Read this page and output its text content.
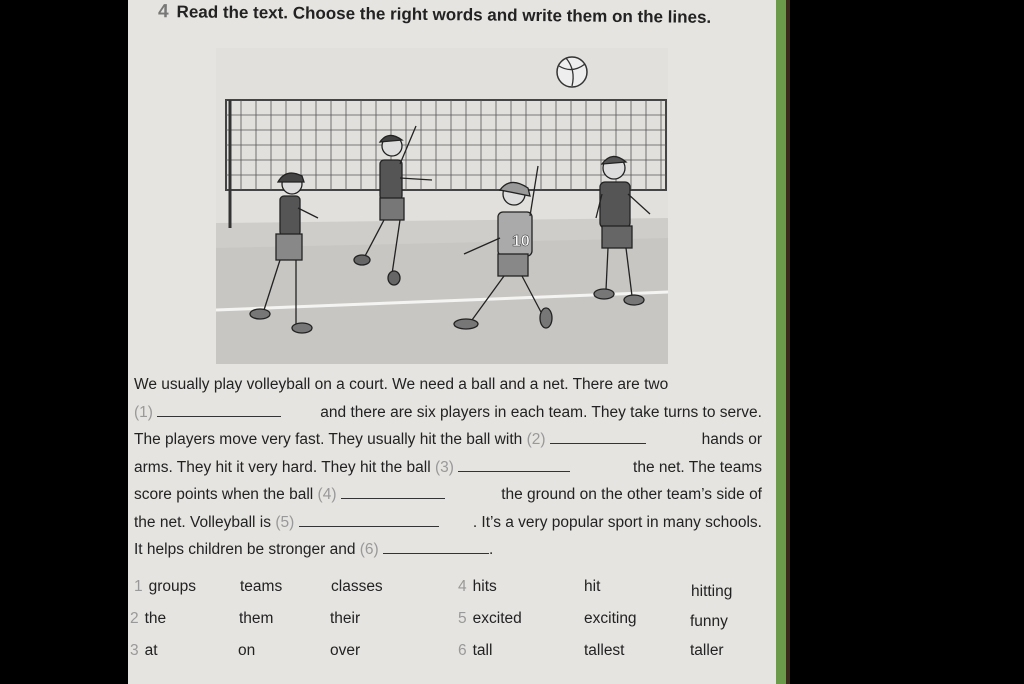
4 Read the text. Choose the right words and write them on the lines.
10
We usually play volleyball on a court. We need a ball and a net. There are two
(1)	and there are six players in each team. They take turns to serve.
The players move very fast. They usually hit the ball with (2)	hands or
arms. They hit it very hard. They hit the ball (3)	the net. The teams
score points when the ball (4)	the ground on the other team’s side of
the net. Volleyball is (5)	. It’s a very popular sport in many schools.
It helps children be stronger and (6)	.
1 groups	teams	classes	4 hits	hit	hitting
2 the	them	their	5 excited	exciting	funny
3 at	on	over	6 tall	tallest	taller
